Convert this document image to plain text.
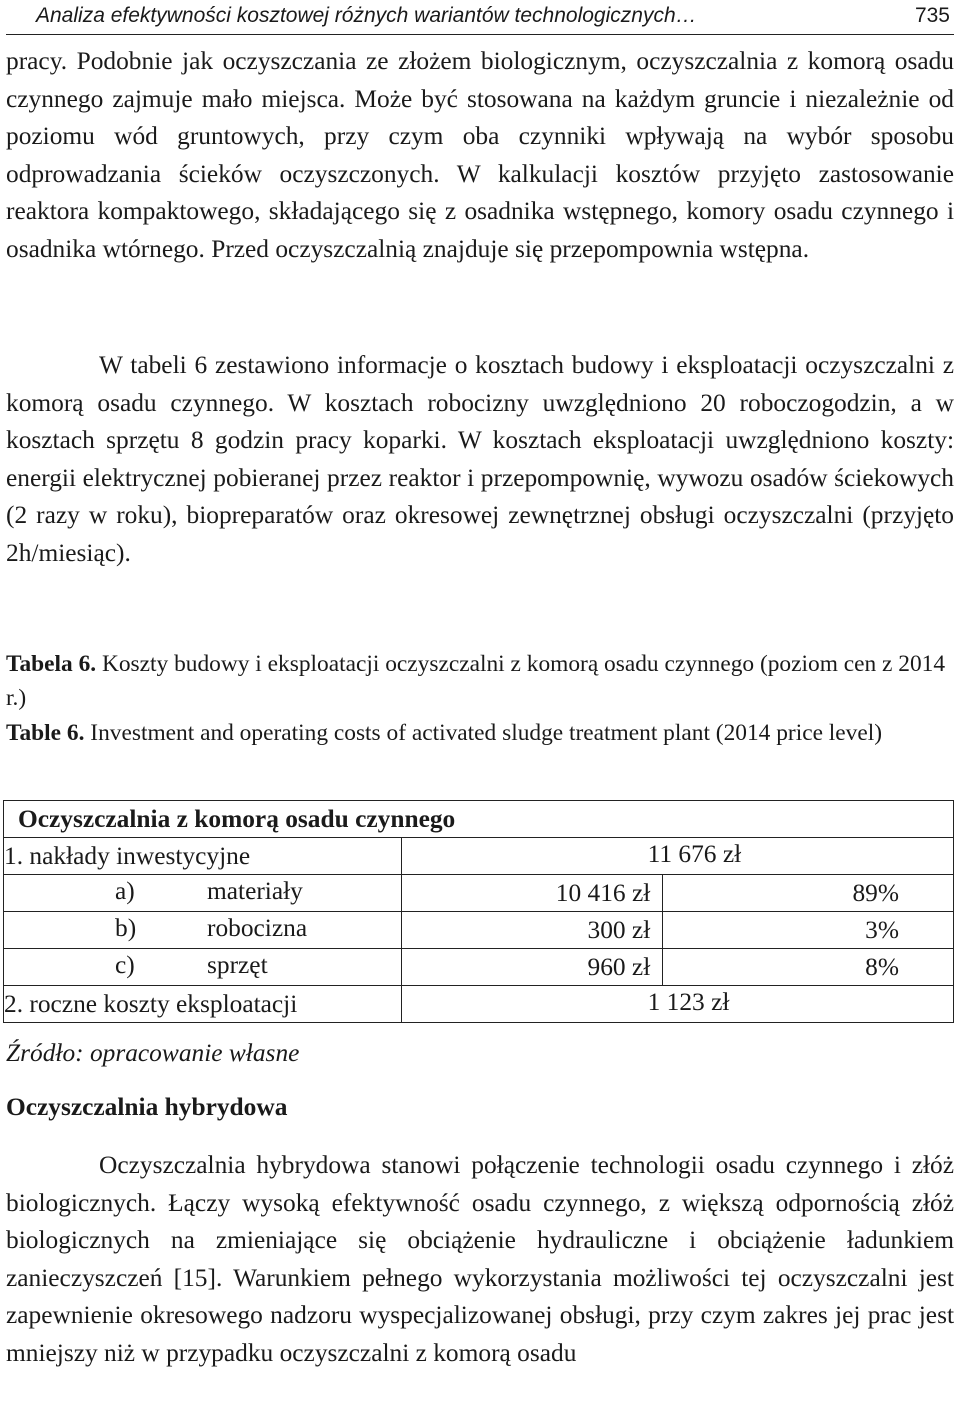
Analiza efektywności kosztowej różnych wariantów technologicznych…	735

pracy. Podobnie jak oczyszczania ze złożem biologicznym, oczyszczalnia z komorą osadu czynnego zajmuje mało miejsca. Może być stosowana na każdym gruncie i niezależnie od poziomu wód gruntowych, przy czym oba czynniki wpływają na wybór sposobu odprowadzania ścieków oczyszczonych. W kalkulacji kosztów przyjęto zastosowanie reaktora kompaktowego, składającego się z osadnika wstępnego, komory osadu czynnego i osadnika wtórnego. Przed oczyszczalnią znajduje się przepompownia wstępna.

W tabeli 6 zestawiono informacje o kosztach budowy i eksploatacji oczyszczalni z komorą osadu czynnego. W kosztach robocizny uwzględniono 20 roboczogodzin, a w kosztach sprzętu 8 godzin pracy koparki. W kosztach eksploatacji uwzględniono koszty: energii elektrycznej pobieranej przez reaktor i przepompownię, wywozu osadów ściekowych (2 razy w roku), biopreparatów oraz okresowej zewnętrznej obsługi oczyszczalni (przyjęto 2h/miesiąc).

Tabela 6. Koszty budowy i eksploatacji oczyszczalni z komorą osadu czynnego (poziom cen z 2014 r.)

Table 6. Investment and operating costs of activated sludge treatment plant (2014 price level)

Oczyszczalnia z komorą osadu czynnego		
1. nakłady inwestycyjne	11 676 zł	

a) materiały	10 416 zł	89%

b) robocizna	300 zł	3%

c) sprzęt	960 zł	8%
2. roczne koszty eksploatacji	1 123 zł	

Źródło: opracowanie własne

Oczyszczalnia hybrydowa

Oczyszczalnia hybrydowa stanowi połączenie technologii osadu czynnego i złóż biologicznych. Łączy wysoką efektywność osadu czynnego, z większą odpornością złóż biologicznych na zmieniające się obciążenie hydrauliczne i obciążenie ładunkiem zanieczyszczeń [15]. Warunkiem pełnego wykorzystania możliwości tej oczyszczalni jest zapewnienie okresowego nadzoru wyspecjalizowanej obsługi, przy czym zakres jej prac jest mniejszy niż w przypadku oczyszczalni z komorą osadu
